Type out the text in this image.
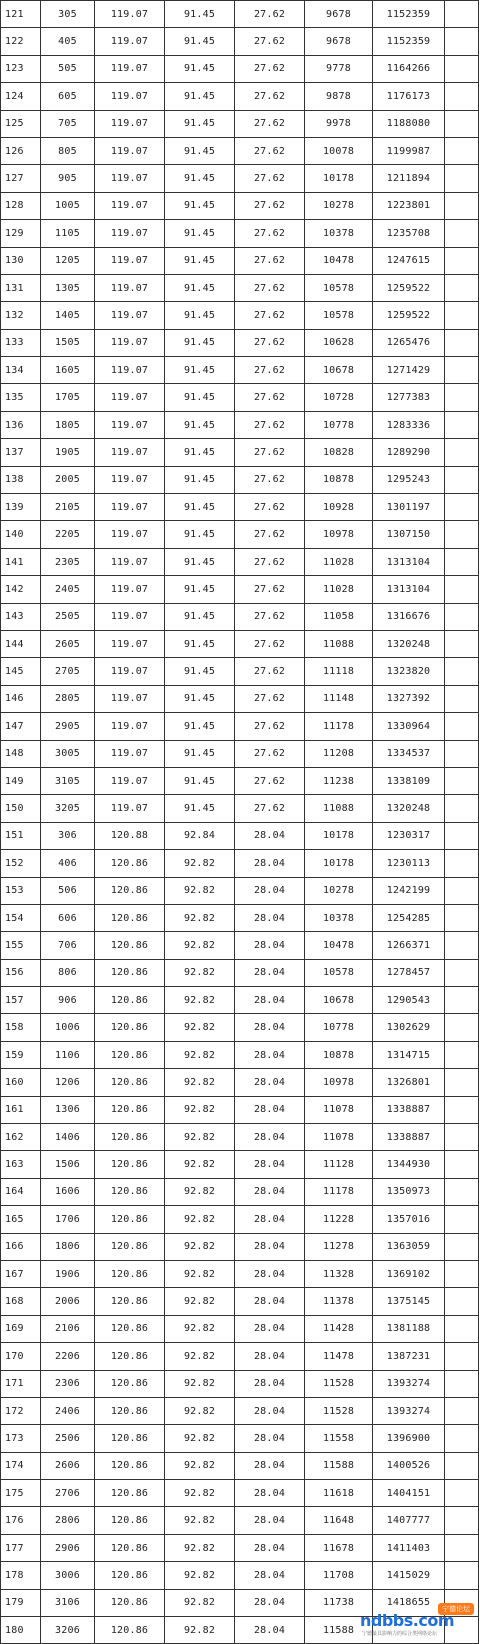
121	305	119.07	91.45	27.62	9678	1152359	
122	405	119.07	91.45	27.62	9678	1152359	
123	505	119.07	91.45	27.62	9778	1164266	
124	605	119.07	91.45	27.62	9878	1176173	
125	705	119.07	91.45	27.62	9978	1188080	
126	805	119.07	91.45	27.62	10078	1199987	
127	905	119.07	91.45	27.62	10178	1211894	
128	1005	119.07	91.45	27.62	10278	1223801	
129	1105	119.07	91.45	27.62	10378	1235708	
130	1205	119.07	91.45	27.62	10478	1247615	
131	1305	119.07	91.45	27.62	10578	1259522	
132	1405	119.07	91.45	27.62	10578	1259522	
133	1505	119.07	91.45	27.62	10628	1265476	
134	1605	119.07	91.45	27.62	10678	1271429	
135	1705	119.07	91.45	27.62	10728	1277383	
136	1805	119.07	91.45	27.62	10778	1283336	
137	1905	119.07	91.45	27.62	10828	1289290	
138	2005	119.07	91.45	27.62	10878	1295243	
139	2105	119.07	91.45	27.62	10928	1301197	
140	2205	119.07	91.45	27.62	10978	1307150	
141	2305	119.07	91.45	27.62	11028	1313104	
142	2405	119.07	91.45	27.62	11028	1313104	
143	2505	119.07	91.45	27.62	11058	1316676	
144	2605	119.07	91.45	27.62	11088	1320248	
145	2705	119.07	91.45	27.62	11118	1323820	
146	2805	119.07	91.45	27.62	11148	1327392	
147	2905	119.07	91.45	27.62	11178	1330964	
148	3005	119.07	91.45	27.62	11208	1334537	
149	3105	119.07	91.45	27.62	11238	1338109	
150	3205	119.07	91.45	27.62	11088	1320248	
151	306	120.88	92.84	28.04	10178	1230317	
152	406	120.86	92.82	28.04	10178	1230113	
153	506	120.86	92.82	28.04	10278	1242199	
154	606	120.86	92.82	28.04	10378	1254285	
155	706	120.86	92.82	28.04	10478	1266371	
156	806	120.86	92.82	28.04	10578	1278457	
157	906	120.86	92.82	28.04	10678	1290543	
158	1006	120.86	92.82	28.04	10778	1302629	
159	1106	120.86	92.82	28.04	10878	1314715	
160	1206	120.86	92.82	28.04	10978	1326801	
161	1306	120.86	92.82	28.04	11078	1338887	
162	1406	120.86	92.82	28.04	11078	1338887	
163	1506	120.86	92.82	28.04	11128	1344930	
164	1606	120.86	92.82	28.04	11178	1350973	
165	1706	120.86	92.82	28.04	11228	1357016	
166	1806	120.86	92.82	28.04	11278	1363059	
167	1906	120.86	92.82	28.04	11328	1369102	
168	2006	120.86	92.82	28.04	11378	1375145	
169	2106	120.86	92.82	28.04	11428	1381188	
170	2206	120.86	92.82	28.04	11478	1387231	
171	2306	120.86	92.82	28.04	11528	1393274	
172	2406	120.86	92.82	28.04	11528	1393274	
173	2506	120.86	92.82	28.04	11558	1396900	
174	2606	120.86	92.82	28.04	11588	1400526	
175	2706	120.86	92.82	28.04	11618	1404151	
176	2806	120.86	92.82	28.04	11648	1407777	
177	2906	120.86	92.82	28.04	11678	1411403	
178	3006	120.86	92.82	28.04	11708	1415029	
179	3106	120.86	92.82	28.04	11738	1418655	
180	3206	120.86	92.82	28.04	11588		
宁德论坛
ndbbs.com
宁德最具影响力的综合类网络论坛
